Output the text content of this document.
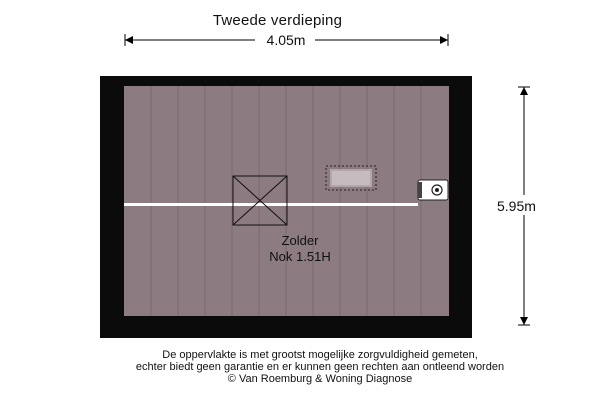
Tweede verdieping
4.05m
5.95m
Zolder
Nok 1.51H
De oppervlakte is met grootst mogelijke zorgvuldigheid gemeten,
echter biedt geen garantie en er kunnen geen rechten aan ontleend worden
© Van Roemburg & Woning Diagnose
